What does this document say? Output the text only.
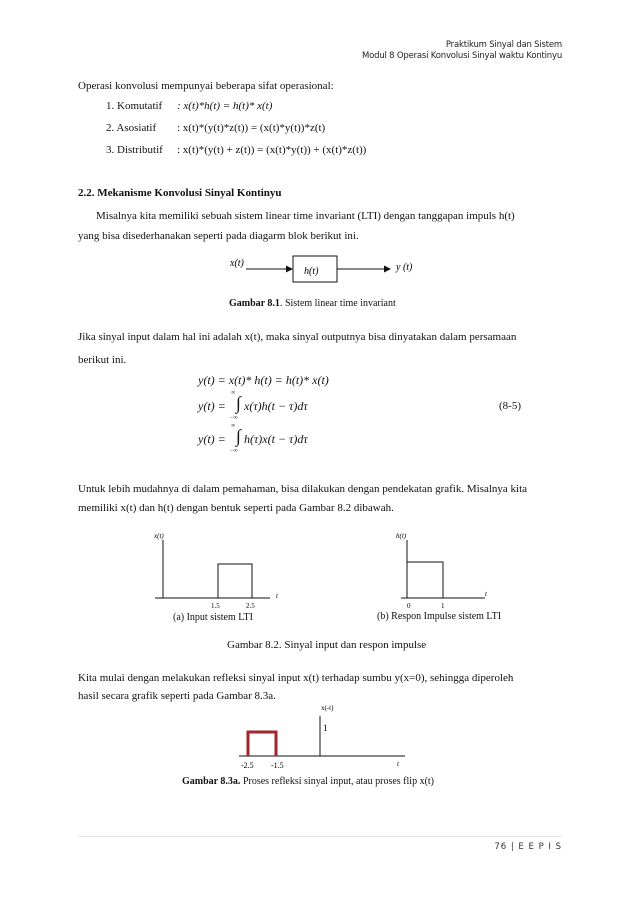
Praktikum Sinyal dan Sistem
Modul 8 Operasi Konvolusi Sinyal waktu Kontinyu
Operasi konvolusi mempunyai beberapa sifat operasional:
1. Komutatif : x(t)*h(t) = h(t)* x(t)
2. Asosiatif : x(t)*(y(t)*z(t)) = (x(t)*y(t))*z(t)
3. Distributif : x(t)*(y(t) + z(t)) = (x(t)*y(t)) + (x(t)*z(t))
2.2. Mekanisme Konvolusi Sinyal Kontinyu
Misalnya kita memiliki sebuah sistem linear time invariant (LTI) dengan tanggapan impuls h(t)
yang bisa disederhanakan seperti pada diagarm blok berikut ini.
x(t)
h(t)	y (t)
Gambar 8.1. Sistem linear time invariant
Jika sinyal input dalam hal ini adalah x(t), maka sinyal outputnya bisa dinyatakan dalam persamaan
berikut ini.
y(t) = x(t)* h(t) = h(t)* x(t)
y(t) =
∞ ∫
−∞
x(τ)h(t − τ)dτ	(8-5)
y(t) =
∞ ∫
−∞
h(τ)x(t − τ)dτ
Untuk lebih mudahnya di dalam pemahaman, bisa dilakukan dengan pendekatan grafik. Misalnya kita
memiliki x(t) dan h(t) dengan bentuk seperti pada Gambar 8.2 dibawah.
x(t)
t
1.5	2.5
(a) Input sistem LTI
h(t)
t
0	1
(b) Respon Impulse sistem LTI
Gambar 8.2. Sinyal input dan respon impulse
Kita mulai dengan melakukan refleksi sinyal input x(t) terhadap sumbu y(x=0), sehingga diperoleh
hasil secara grafik seperti pada Gambar 8.3a.
x(-t)
1
t
-2.5 -1.5
Gambar 8.3a. Proses refleksi sinyal input, atau proses flip x(t)
76 | E E P I S
